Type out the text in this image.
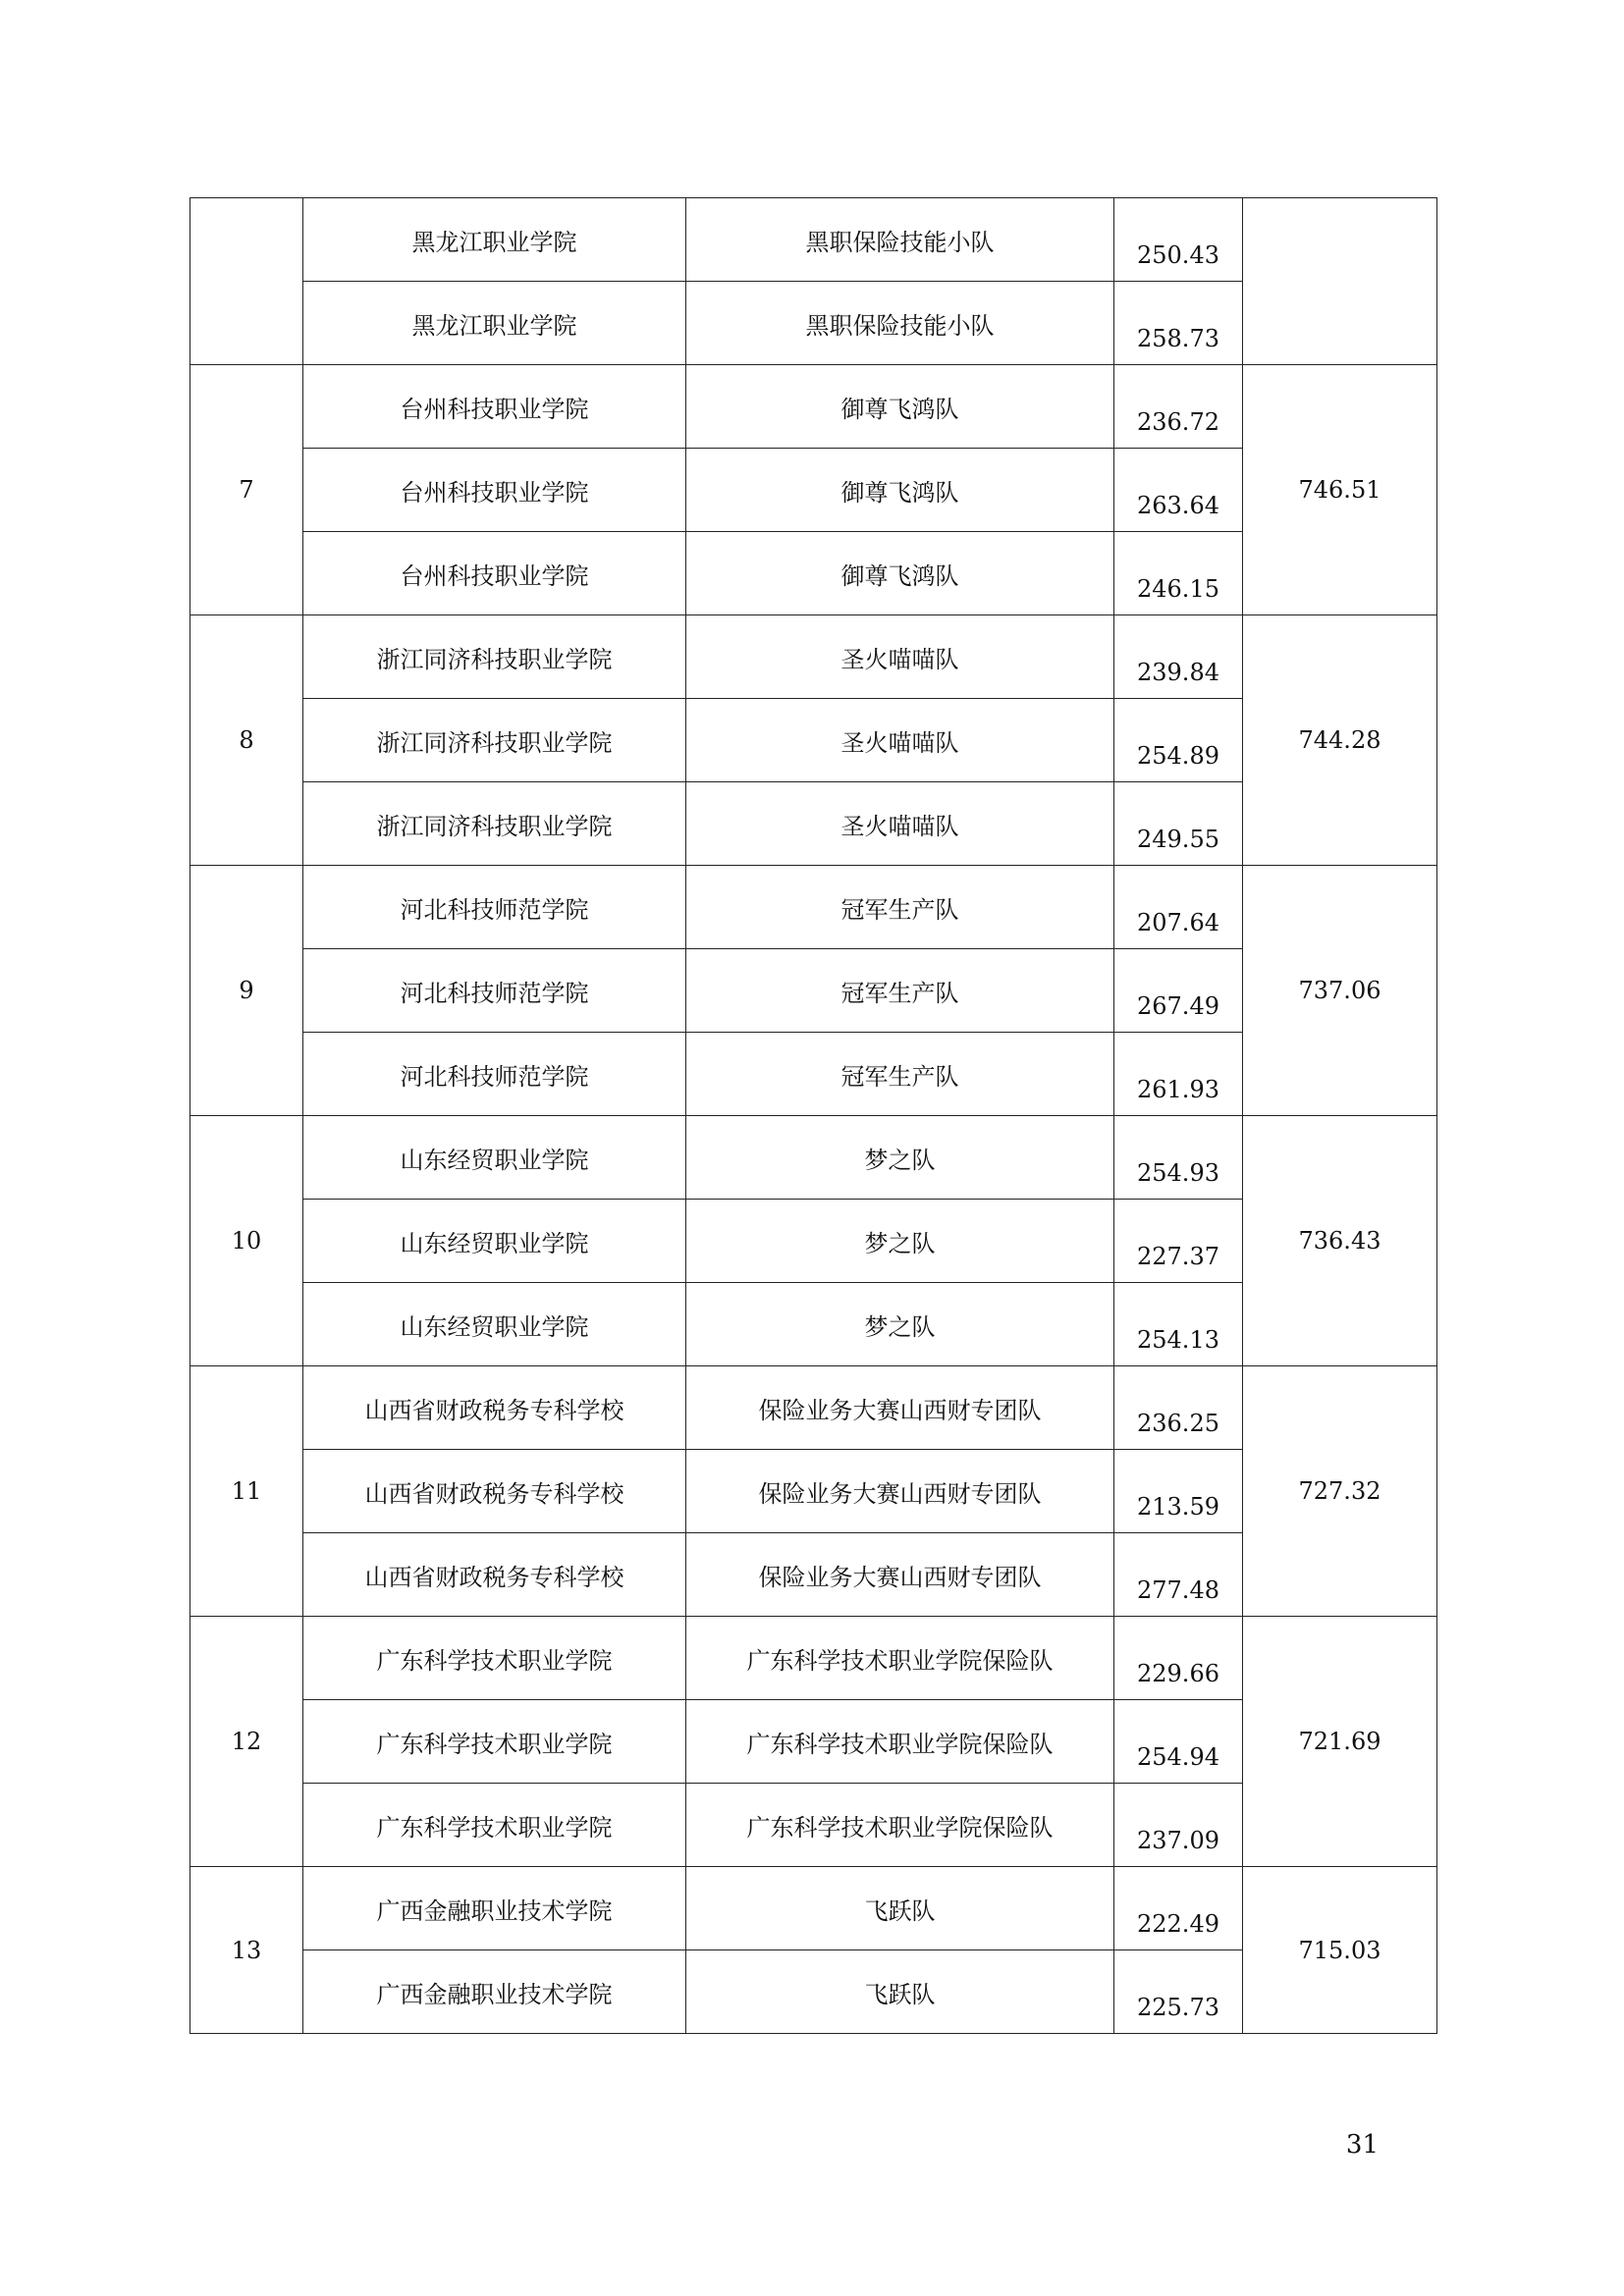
	黑龙江职业学院	黑职保险技能小队	250.43	
	黑龙江职业学院	黑职保险技能小队	258.73	
7	台州科技职业学院	御尊飞鸿队	236.72	746.51
	台州科技职业学院	御尊飞鸿队	263.64	
	台州科技职业学院	御尊飞鸿队	246.15	
8	浙江同济科技职业学院	圣火喵喵队	239.84	744.28
	浙江同济科技职业学院	圣火喵喵队	254.89	
	浙江同济科技职业学院	圣火喵喵队	249.55	
9	河北科技师范学院	冠军生产队	207.64	737.06
	河北科技师范学院	冠军生产队	267.49	
	河北科技师范学院	冠军生产队	261.93	
10	山东经贸职业学院	梦之队	254.93	736.43
	山东经贸职业学院	梦之队	227.37	
	山东经贸职业学院	梦之队	254.13	
11	山西省财政税务专科学校	保险业务大赛山西财专团队	236.25	727.32
	山西省财政税务专科学校	保险业务大赛山西财专团队	213.59	
	山西省财政税务专科学校	保险业务大赛山西财专团队	277.48	
12	广东科学技术职业学院	广东科学技术职业学院保险队	229.66	721.69
	广东科学技术职业学院	广东科学技术职业学院保险队	254.94	
	广东科学技术职业学院	广东科学技术职业学院保险队	237.09	
13	广西金融职业技术学院	飞跃队	222.49	715.03
	广西金融职业技术学院	飞跃队	225.73	
31
